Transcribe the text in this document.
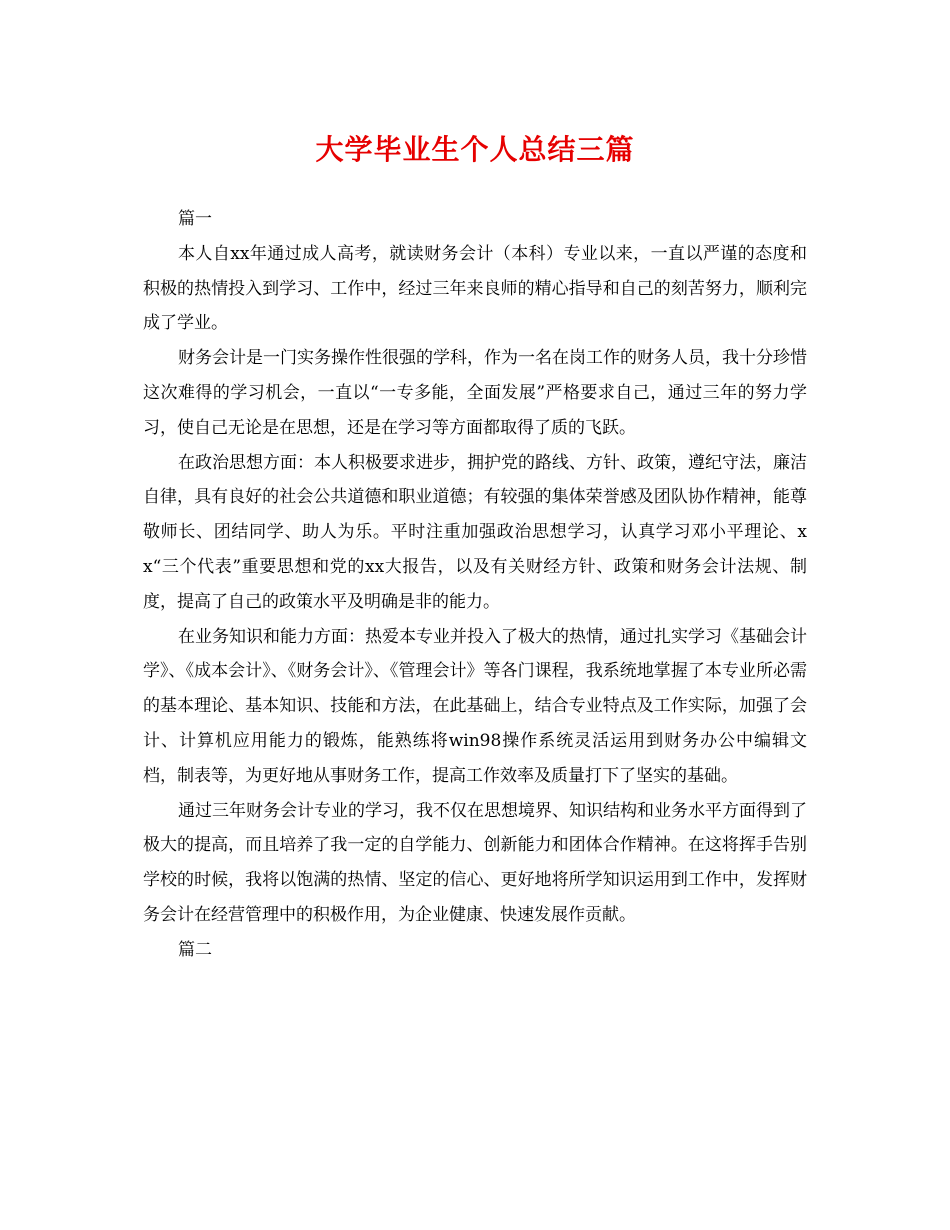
大学毕业生个人总结三篇

篇一

本人自xx年通过成人高考，就读财务会计（本科）专业以来，一直以严谨的态度和积极的热情投入到学习、工作中，经过三年来良师的精心指导和自己的刻苦努力，顺利完成了学业。

财务会计是一门实务操作性很强的学科，作为一名在岗工作的财务人员，我十分珍惜这次难得的学习机会，一直以“一专多能，全面发展”严格要求自己，通过三年的努力学习，使自己无论是在思想，还是在学习等方面都取得了质的飞跃。

在政治思想方面：本人积极要求进步，拥护党的路线、方针、政策，遵纪守法，廉洁自律，具有良好的社会公共道德和职业道德；有较强的集体荣誉感及团队协作精神，能尊敬师长、团结同学、助人为乐。平时注重加强政治思想学习，认真学习邓小平理论、xx“三个代表”重要思想和党的xx大报告，以及有关财经方针、政策和财务会计法规、制度，提高了自己的政策水平及明确是非的能力。

在业务知识和能力方面：热爱本专业并投入了极大的热情，通过扎实学习《基础会计学》、《成本会计》、《财务会计》、《管理会计》等各门课程，我系统地掌握了本专业所必需的基本理论、基本知识、技能和方法，在此基础上，结合专业特点及工作实际，加强了会计、计算机应用能力的锻炼，能熟练将win98操作系统灵活运用到财务办公中编辑文档，制表等，为更好地从事财务工作，提高工作效率及质量打下了坚实的基础。

通过三年财务会计专业的学习，我不仅在思想境界、知识结构和业务水平方面得到了极大的提高，而且培养了我一定的自学能力、创新能力和团体合作精神。在这将挥手告别学校的时候，我将以饱满的热情、坚定的信心、更好地将所学知识运用到工作中，发挥财务会计在经营管理中的积极作用，为企业健康、快速发展作贡献。

篇二
